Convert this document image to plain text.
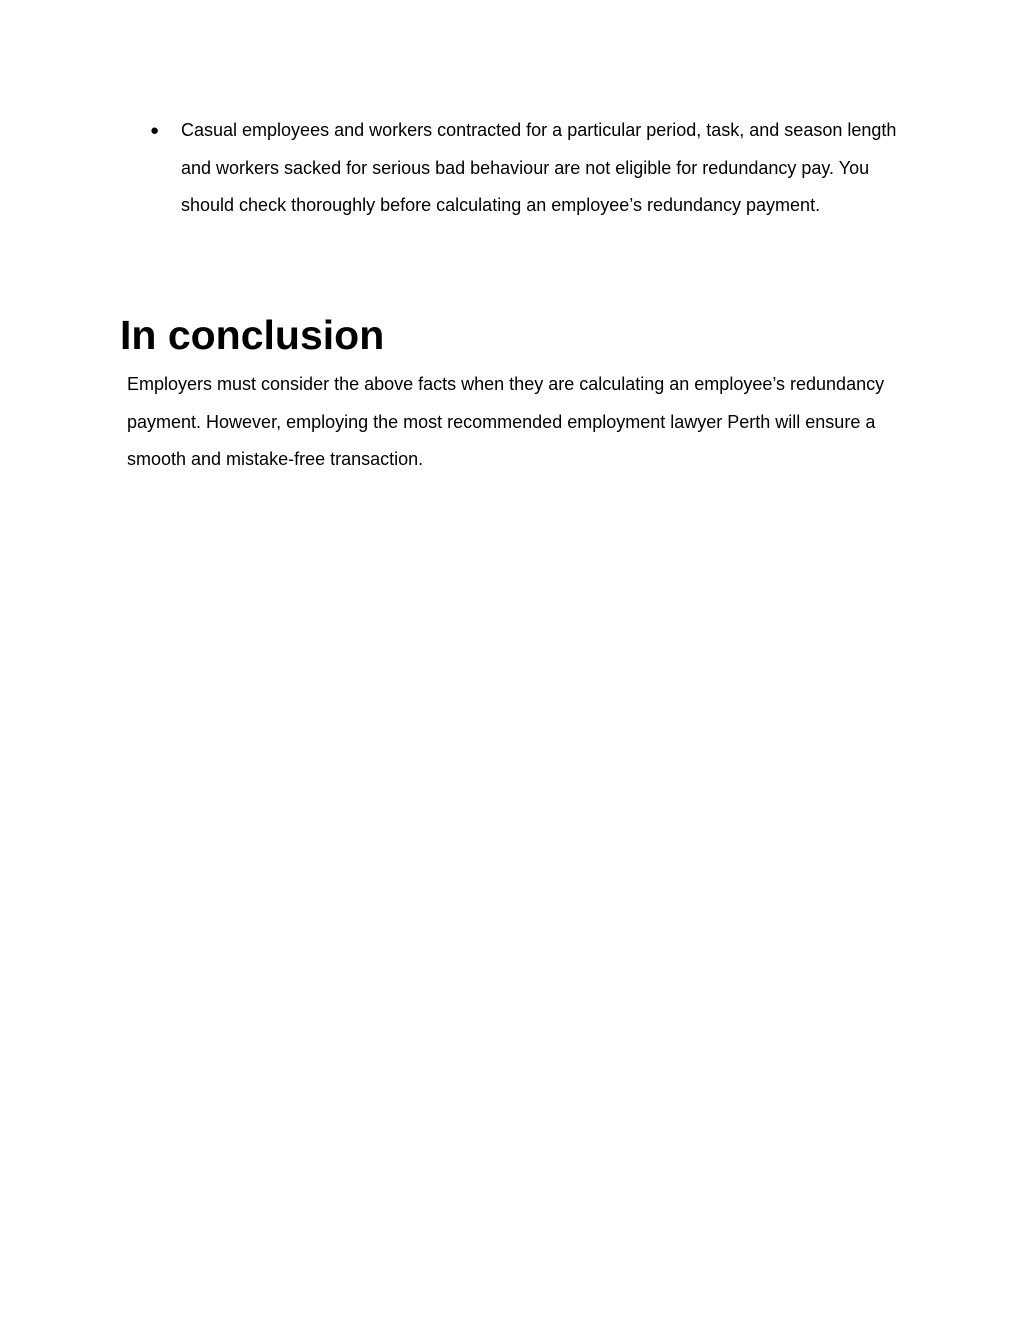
● Casual employees and workers contracted for a particular period, task, and season length and workers sacked for serious bad behaviour are not eligible for redundancy pay. You should check thoroughly before calculating an employee’s redundancy payment.
In conclusion

Employers must consider the above facts when they are calculating an employee’s redundancy payment. However, employing the most recommended employment lawyer Perth will ensure a smooth and mistake-free transaction.
